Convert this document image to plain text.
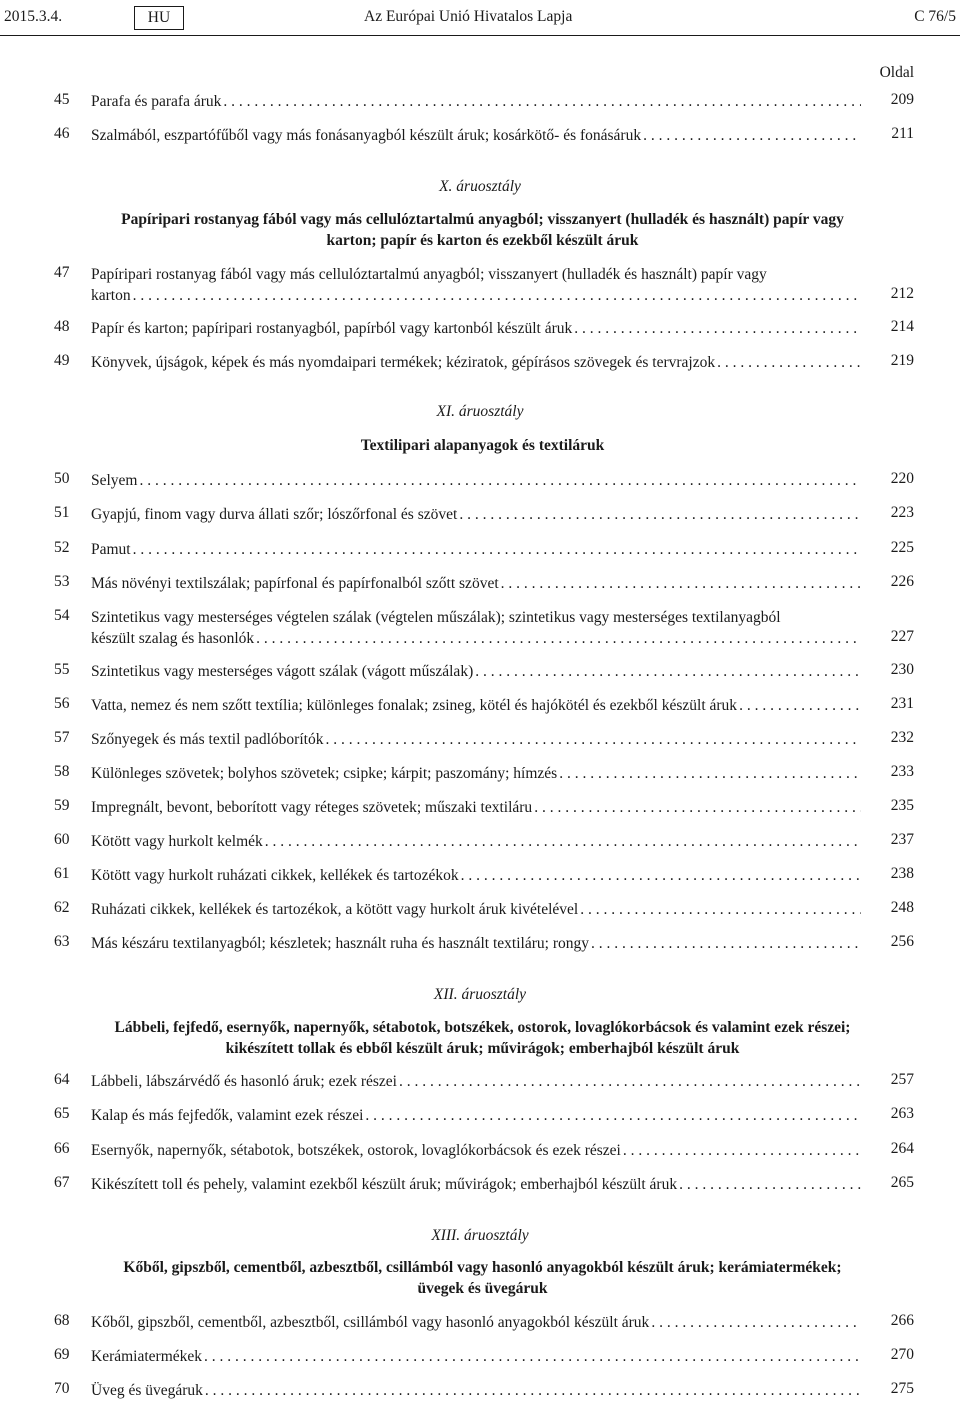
2015.3.4.	HU	Az Európai Unió Hivatalos Lapja	C 76/5
Oldal
45 Parafa és parafa áruk . . .	209
46 Szalmából, eszpartófűből vagy más fonásanyagból készült áruk; kosárkötő- és fonásáruk . . .	211
X. áruosztály
Papíripari rostanyag fából vagy más cellulóztartalmú anyagból; visszanyert (hulladék és használt) papír vagy
karton; papír és karton és ezekből készült áruk
47 Papíripari rostanyag fából vagy más cellulóztartalmú anyagból; visszanyert (hulladék és használt) papír vagy
karton . . .	212
48 Papír és karton; papíripari rostanyagból, papírból vagy kartonból készült áruk . . .	214
49 Könyvek, újságok, képek és más nyomdaipari termékek; kéziratok, gépírásos szövegek és tervrajzok . . .	219
XI. áruosztály
Textilipari alapanyagok és textiláruk
50 Selyem . . .	220
51 Gyapjú, finom vagy durva állati szőr; lószőrfonal és szövet . . .	223
52 Pamut . . .	225
53 Más növényi textilszálak; papírfonal és papírfonalból szőtt szövet . . .	226
54 Szintetikus vagy mesterséges végtelen szálak (végtelen műszálak); szintetikus vagy mesterséges textilanyagból
készült szalag és hasonlók . . .	227
55 Szintetikus vagy mesterséges vágott szálak (vágott műszálak) . . .	230
56 Vatta, nemez és nem szőtt textília; különleges fonalak; zsineg, kötél és hajókötél és ezekből készült áruk . . .	231
57 Szőnyegek és más textil padlóborítók . . .	232
58 Különleges szövetek; bolyhos szövetek; csipke; kárpit; paszomány; hímzés . . .	233
59 Impregnált, bevont, beborított vagy réteges szövetek; műszaki textiláru . . .	235
60 Kötött vagy hurkolt kelmék . . .	237
61 Kötött vagy hurkolt ruházati cikkek, kellékek és tartozékok . . .	238
62 Ruházati cikkek, kellékek és tartozékok, a kötött vagy hurkolt áruk kivételével . . .	248
63 Más készáru textilanyagból; készletek; használt ruha és használt textiláru; rongy . . .	256
XII. áruosztály
Lábbeli, fejfedő, esernyők, napernyők, sétabotok, botszékek, ostorok, lovaglókorbácsok és valamint ezek részei;
kikészített tollak és ebből készült áruk; művirágok; emberhajból készült áruk
64 Lábbeli, lábszárvédő és hasonló áruk; ezek részei . . .	257
65 Kalap és más fejfedők, valamint ezek részei . . .	263
66 Esernyők, napernyők, sétabotok, botszékek, ostorok, lovaglókorbácsok és ezek részei . . .	264
67 Kikészített toll és pehely, valamint ezekből készült áruk; művirágok; emberhajból készült áruk . . .	265
XIII. áruosztály
Kőből, gipszből, cementből, azbesztből, csillámból vagy hasonló anyagokból készült áruk; kerámiatermékek;
üvegek és üvegáruk
68 Kőből, gipszből, cementből, azbesztből, csillámból vagy hasonló anyagokból készült áruk . . .	266
69 Kerámiatermékek . . .	270
70 Üveg és üvegáruk . . .	275
